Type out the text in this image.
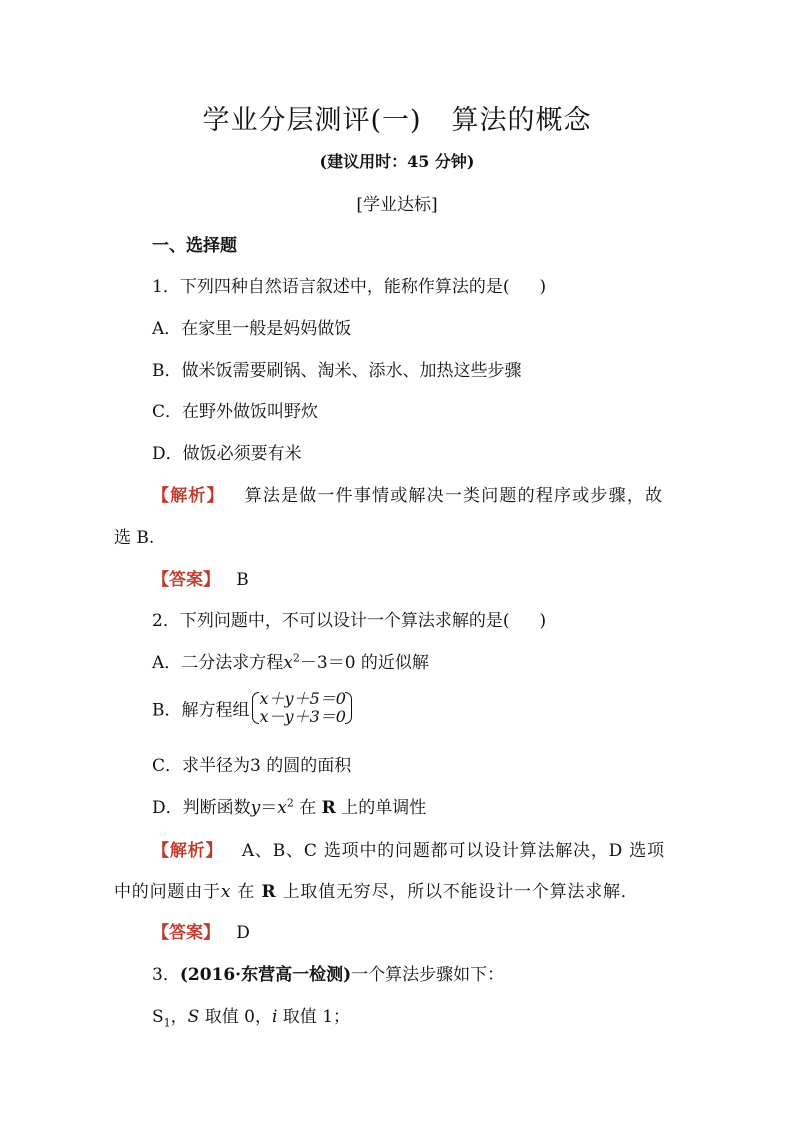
学业分层测评(一) 算法的概念
(建议用时：45 分钟)
[学业达标]
一、选择题
1．下列四种自然语言叙述中，能称作算法的是( )
A．在家里一般是妈妈做饭
B．做米饭需要刷锅、淘米、添水、加热这些步骤
C．在野外做饭叫野炊
D．做饭必须要有米
【 解析 】 算法是做一件事情或解决一类问题的程序或步骤，故
选 B.
【 答案 】 B
2．下列问题中，不可以设计一个算法求解的是( )
A．二分法求方程$x^2-3=0$ 的近似解
B．解方程组
x＋y＋5＝0
x－y＋3＝0
C．求半径为3 的圆的面积
D．判断函数$y=x^2$ 在 R 上的单调性
【 解析 】 A、B、C 选项中的问题都可以设计算法解决，D 选项
中的问题由于x 在 R 上取值无穷尽，所以不能设计一个算法求解．
【 答案 】 D
3．(2016·东营高一检测)一个算法步骤如下：
$S_1$，S 取值 0，i 取值 1；
